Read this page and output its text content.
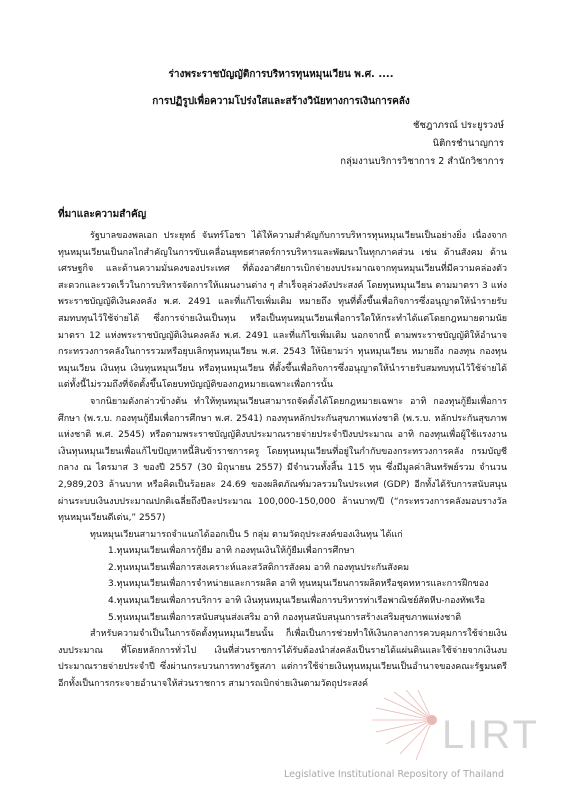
ร่างพระราชบัญญัติการบริหารทุนหมุนเวียน พ.ศ. ....
การปฏิรูปเพื่อความโปร่งใสและสร้างวินัยทางการเงินการคลัง
ชัชฎาภรณ์ ประยูรวงษ์
นิติกรชำนาญการ
กลุ่มงานบริการวิชาการ 2 สำนักวิชาการ
ที่มาและความสำคัญ

รัฐบาลของพลเอก ประยุทธ์ จันทร์โอชา ได้ให้ความสำคัญกับการบริหารทุนหมุนเวียนเป็นอย่างยิ่ง เนื่องจากทุนหมุนเวียนเป็นกลไกสำคัญในการขับเคลื่อนยุทธศาสตร์การบริหารและพัฒนาในทุกภาคส่วน เช่น ด้านสังคม ด้านเศรษฐกิจ และด้านความมั่นคงของประเทศ ที่ต้องอาศัยการเบิกจ่ายงบประมาณจากทุนหมุนเวียนที่มีความคล่องตัว สะดวกและรวดเร็วในการบริหารจัดการให้แผนงานต่าง ๆ สำเร็จลุล่วงดังประสงค์ โดยทุนหมุนเวียน ตามมาตรา 3 แห่งพระราชบัญญัติเงินคงคลัง พ.ศ. 2491 และที่แก้ไขเพิ่มเติม หมายถึง ทุนที่ตั้งขึ้นเพื่อกิจการซึ่งอนุญาตให้นำรายรับสมทบทุนไว้ใช้จ่ายได้ ซึ่งการจ่ายเงินเป็นทุน หรือเป็นทุนหมุนเวียนเพื่อการใดให้กระทำได้แต่โดยกฎหมายตามนัยมาตรา 12 แห่งพระราชบัญญัติเงินคงคลัง พ.ศ. 2491 และที่แก้ไขเพิ่มเติม นอกจากนี้ ตามพระราชบัญญัติให้อำนาจกระทรวงการคลังในการรวมหรือยุบเลิกทุนหมุนเวียน พ.ศ. 2543 ให้นิยามว่า ทุนหมุนเวียน หมายถึง กองทุน กองทุนหมุนเวียน เงินทุน เงินทุนหมุนเวียน หรือทุนหมุนเวียน ที่ตั้งขึ้นเพื่อกิจการซึ่งอนุญาตให้นำรายรับสมทบทุนไว้ใช้จ่ายได้ แต่ทั้งนี้ไม่รวมถึงที่จัดตั้งขึ้นโดยบทบัญญัติของกฎหมายเฉพาะเพื่อการนั้น

จากนิยามดังกล่าวข้างต้น ทำให้ทุนหมุนเวียนสามารถจัดตั้งได้โดยกฎหมายเฉพาะ อาทิ กองทุนกู้ยืมเพื่อการศึกษา (พ.ร.บ. กองทุนกู้ยืมเพื่อการศึกษา พ.ศ. 2541) กองทุนหลักประกันสุขภาพแห่งชาติ (พ.ร.บ. หลักประกันสุขภาพแห่งชาติ พ.ศ. 2545) หรือตามพระราชบัญญัติงบประมาณรายจ่ายประจำปีงบประมาณ อาทิ กองทุนเพื่อผู้ใช้แรงงาน เงินทุนหมุนเวียนเพื่อแก้ไขปัญหาหนี้สินข้าราชการครู โดยทุนหมุนเวียนที่อยู่ในกำกับของกระทรวงการคลัง กรมบัญชีกลาง ณ ไตรมาส 3 ของปี 2557 (30 มิถุนายน 2557) มีจำนวนทั้งสิ้น 115 ทุน ซึ่งมีมูลค่าสินทรัพย์รวม จำนวน 2,989,203 ล้านบาท หรือคิดเป็นร้อยละ 24.69 ของผลิตภัณฑ์มวลรวมในประเทศ (GDP) อีกทั้งได้รับการสนับสนุนผ่านระบบเงินงบประมาณปกติเฉลี่ยถึงปีละประมาณ 100,000-150,000 ล้านบาท/ปี (“กระทรวงการคลังมอบรางวัลทุนหมุนเวียนดีเด่น,” 2557)

ทุนหมุนเวียนสามารถจำแนกได้ออกเป็น 5 กลุ่ม ตามวัตถุประสงค์ของเงินทุน ได้แก่
1.ทุนหมุนเวียนเพื่อการกู้ยืม อาทิ กองทุนเงินให้กู้ยืมเพื่อการศึกษา
2.ทุนหมุนเวียนเพื่อการสงเคราะห์และสวัสดิการสังคม อาทิ กองทุนประกันสังคม
3.ทุนหมุนเวียนเพื่อการจำหน่ายและการผลิต อาทิ ทุนหมุนเวียนการผลิตหรือชุดทหารและการฝึกของ
4.ทุนหมุนเวียนเพื่อการบริการ อาทิ เงินทุนหมุนเวียนเพื่อการบริหารท่าเรือพาณิชย์สัตหีบ-กองทัพเรือ
5.ทุนหมุนเวียนเพื่อการสนับสนุนส่งเสริม อาทิ กองทุนสนับสนุนการสร้างเสริมสุขภาพแห่งชาติ

สำหรับความจำเป็นในการจัดตั้งทุนหมุนเวียนนั้น ก็เพื่อเป็นการช่วยทำให้เงินกลางการควบคุมการใช้จ่ายเงินงบประมาณ ที่โดยหลักการทั่วไป เงินที่ส่วนราชการได้รับต้องนำส่งคลังเป็นรายได้แผ่นดินและใช้จ่ายจากเงินงบประมาณรายจ่ายประจำปี ซึ่งผ่านกระบวนการทางรัฐสภา แต่การใช้จ่ายเงินทุนหมุนเวียนเป็นอำนาจของคณะรัฐมนตรี อีกทั้งเป็นการกระจายอำนาจให้ส่วนราชการ สามารถเบิกจ่ายเงินตามวัตถุประสงค์

LIRT
Legislative Institutional Repository of Thailand
